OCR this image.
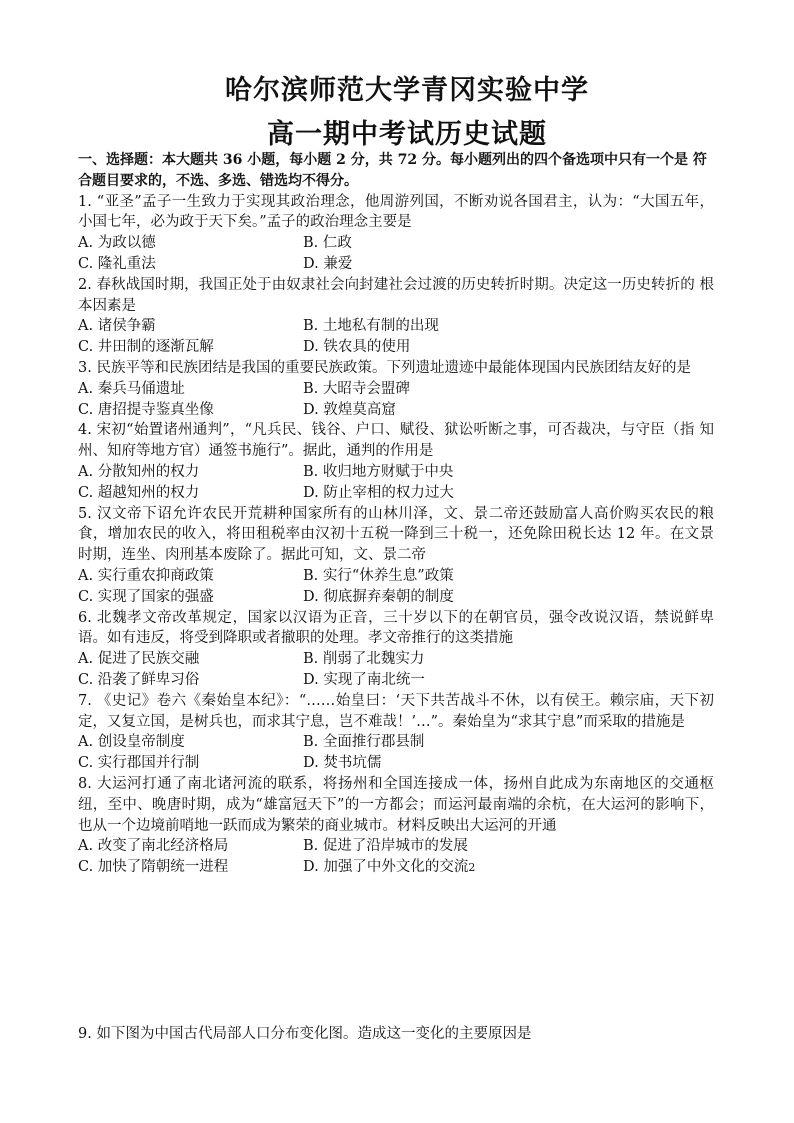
哈尔滨师范大学青冈实验中学
高一期中考试历史试题

一、选择题：本大题共 36 小题，每小题 2 分，共 72 分。每小题列出的四个备选项中只有一个是 符合题目要求的，不选、多选、错选均不得分。

1. “亚圣”孟子一生致力于实现其政治理念，他周游列国，不断劝说各国君主，认为：“大国五年， 小国七年，必为政于天下矣。”孟子的政治理念主要是

A. 为政以德	B. 仁政
C. 隆礼重法	D. 兼爱

2. 春秋战国时期，我国正处于由奴隶社会向封建社会过渡的历史转折时期。决定这一历史转折的 根本因素是

A. 诸侯争霸	B. 土地私有制的出现
C. 井田制的逐渐瓦解	D. 铁农具的使用

3. 民族平等和民族团结是我国的重要民族政策。下列遗址遗迹中最能体现国内民族团结友好的是

A. 秦兵马俑遗址	B. 大昭寺会盟碑
C. 唐招提寺鉴真坐像	D. 敦煌莫高窟

4. 宋初“始置诸州通判”，“凡兵民、钱谷、户口、赋役、狱讼听断之事，可否裁决，与守臣（指 知州、知府等地方官）通签书施行”。据此，通判的作用是

A. 分散知州的权力	B. 收归地方财赋于中央
C. 超越知州的权力	D. 防止宰相的权力过大

5. 汉文帝下诏允许农民开荒耕种国家所有的山林川泽，文、景二帝还鼓励富人高价购买农民的粮 食，增加农民的收入，将田租税率由汉初十五税一降到三十税一，还免除田税长达 12 年。在文景时期，连坐、肉刑基本废除了。据此可知，文、景二帝

A. 实行重农抑商政策	B. 实行“休养生息”政策
C. 实现了国家的强盛	D. 彻底摒弃秦朝的制度

6. 北魏孝文帝改革规定，国家以汉语为正音，三十岁以下的在朝官员，强令改说汉语，禁说鲜卑 语。如有违反，将受到降职或者撤职的处理。孝文帝推行的这类措施

A. 促进了民族交融	B. 削弱了北魏实力
C. 沿袭了鲜卑习俗	D. 实现了南北统一

7. 《史记》卷六《秦始皇本纪》：“……始皇曰：‘天下共苦战斗不休，以有侯王。赖宗庙，天下初 定，又复立国，是树兵也，而求其宁息，岂不难哉！’…”。秦始皇为“求其宁息”而采取的措施是

A. 创设皇帝制度	B. 全面推行郡县制
C. 实行郡国并行制	D. 焚书坑儒

8. 大运河打通了南北诸河流的联系，将扬州和全国连接成一体，扬州自此成为东南地区的交通枢 纽，至中、晚唐时期，成为“雄富冠天下”的一方都会；而运河最南端的余杭，在大运河的影响下， 也从一个边境前哨地一跃而成为繁荣的商业城市。材料反映出大运河的开通

A. 改变了南北经济格局	B. 促进了沿岸城市的发展
C. 加快了隋朝统一进程	D. 加强了中外文化的交流2

9. 如下图为中国古代局部人口分布变化图。造成这一变化的主要原因是
